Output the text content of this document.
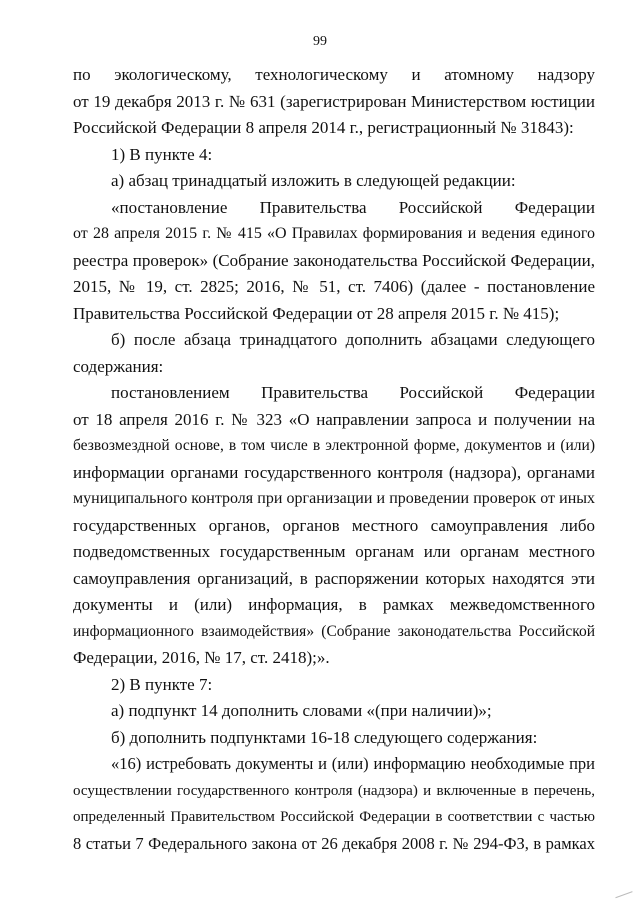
99
по экологическому, технологическому и атомному надзору
от 19 декабря 2013 г. № 631 (зарегистрирован Министерством юстиции
Российской Федерации 8 апреля 2014 г., регистрационный № 31843):
1) В пункте 4:
а) абзац тринадцатый изложить в следующей редакции:
«постановление Правительства Российской Федерации
от 28 апреля 2015 г. № 415 «О Правилах формирования и ведения единого
реестра проверок» (Собрание законодательства Российской Федерации,
2015, № 19, ст. 2825; 2016, № 51, ст. 7406) (далее - постановление
Правительства Российской Федерации от 28 апреля 2015 г. № 415);
б) после абзаца тринадцатого дополнить абзацами следующего
содержания:
постановлением Правительства Российской Федерации
от 18 апреля 2016 г. № 323 «О направлении запроса и получении на
безвозмездной основе, в том числе в электронной форме, документов и (или)
информации органами государственного контроля (надзора), органами
муниципального контроля при организации и проведении проверок от иных
государственных органов, органов местного самоуправления либо
подведомственных государственным органам или органам местного
самоуправления организаций, в распоряжении которых находятся эти
документы и (или) информация, в рамках межведомственного
информационного взаимодействия» (Собрание законодательства Российской
Федерации, 2016, № 17, ст. 2418);».
2) В пункте 7:
а) подпункт 14 дополнить словами «(при наличии)»;
б) дополнить подпунктами 16-18 следующего содержания:
«16) истребовать документы и (или) информацию необходимые при
осуществлении государственного контроля (надзора) и включенные в перечень,
определенный Правительством Российской Федерации в соответствии с частью
8 статьи 7 Федерального закона от 26 декабря 2008 г. № 294-ФЗ, в рамках
